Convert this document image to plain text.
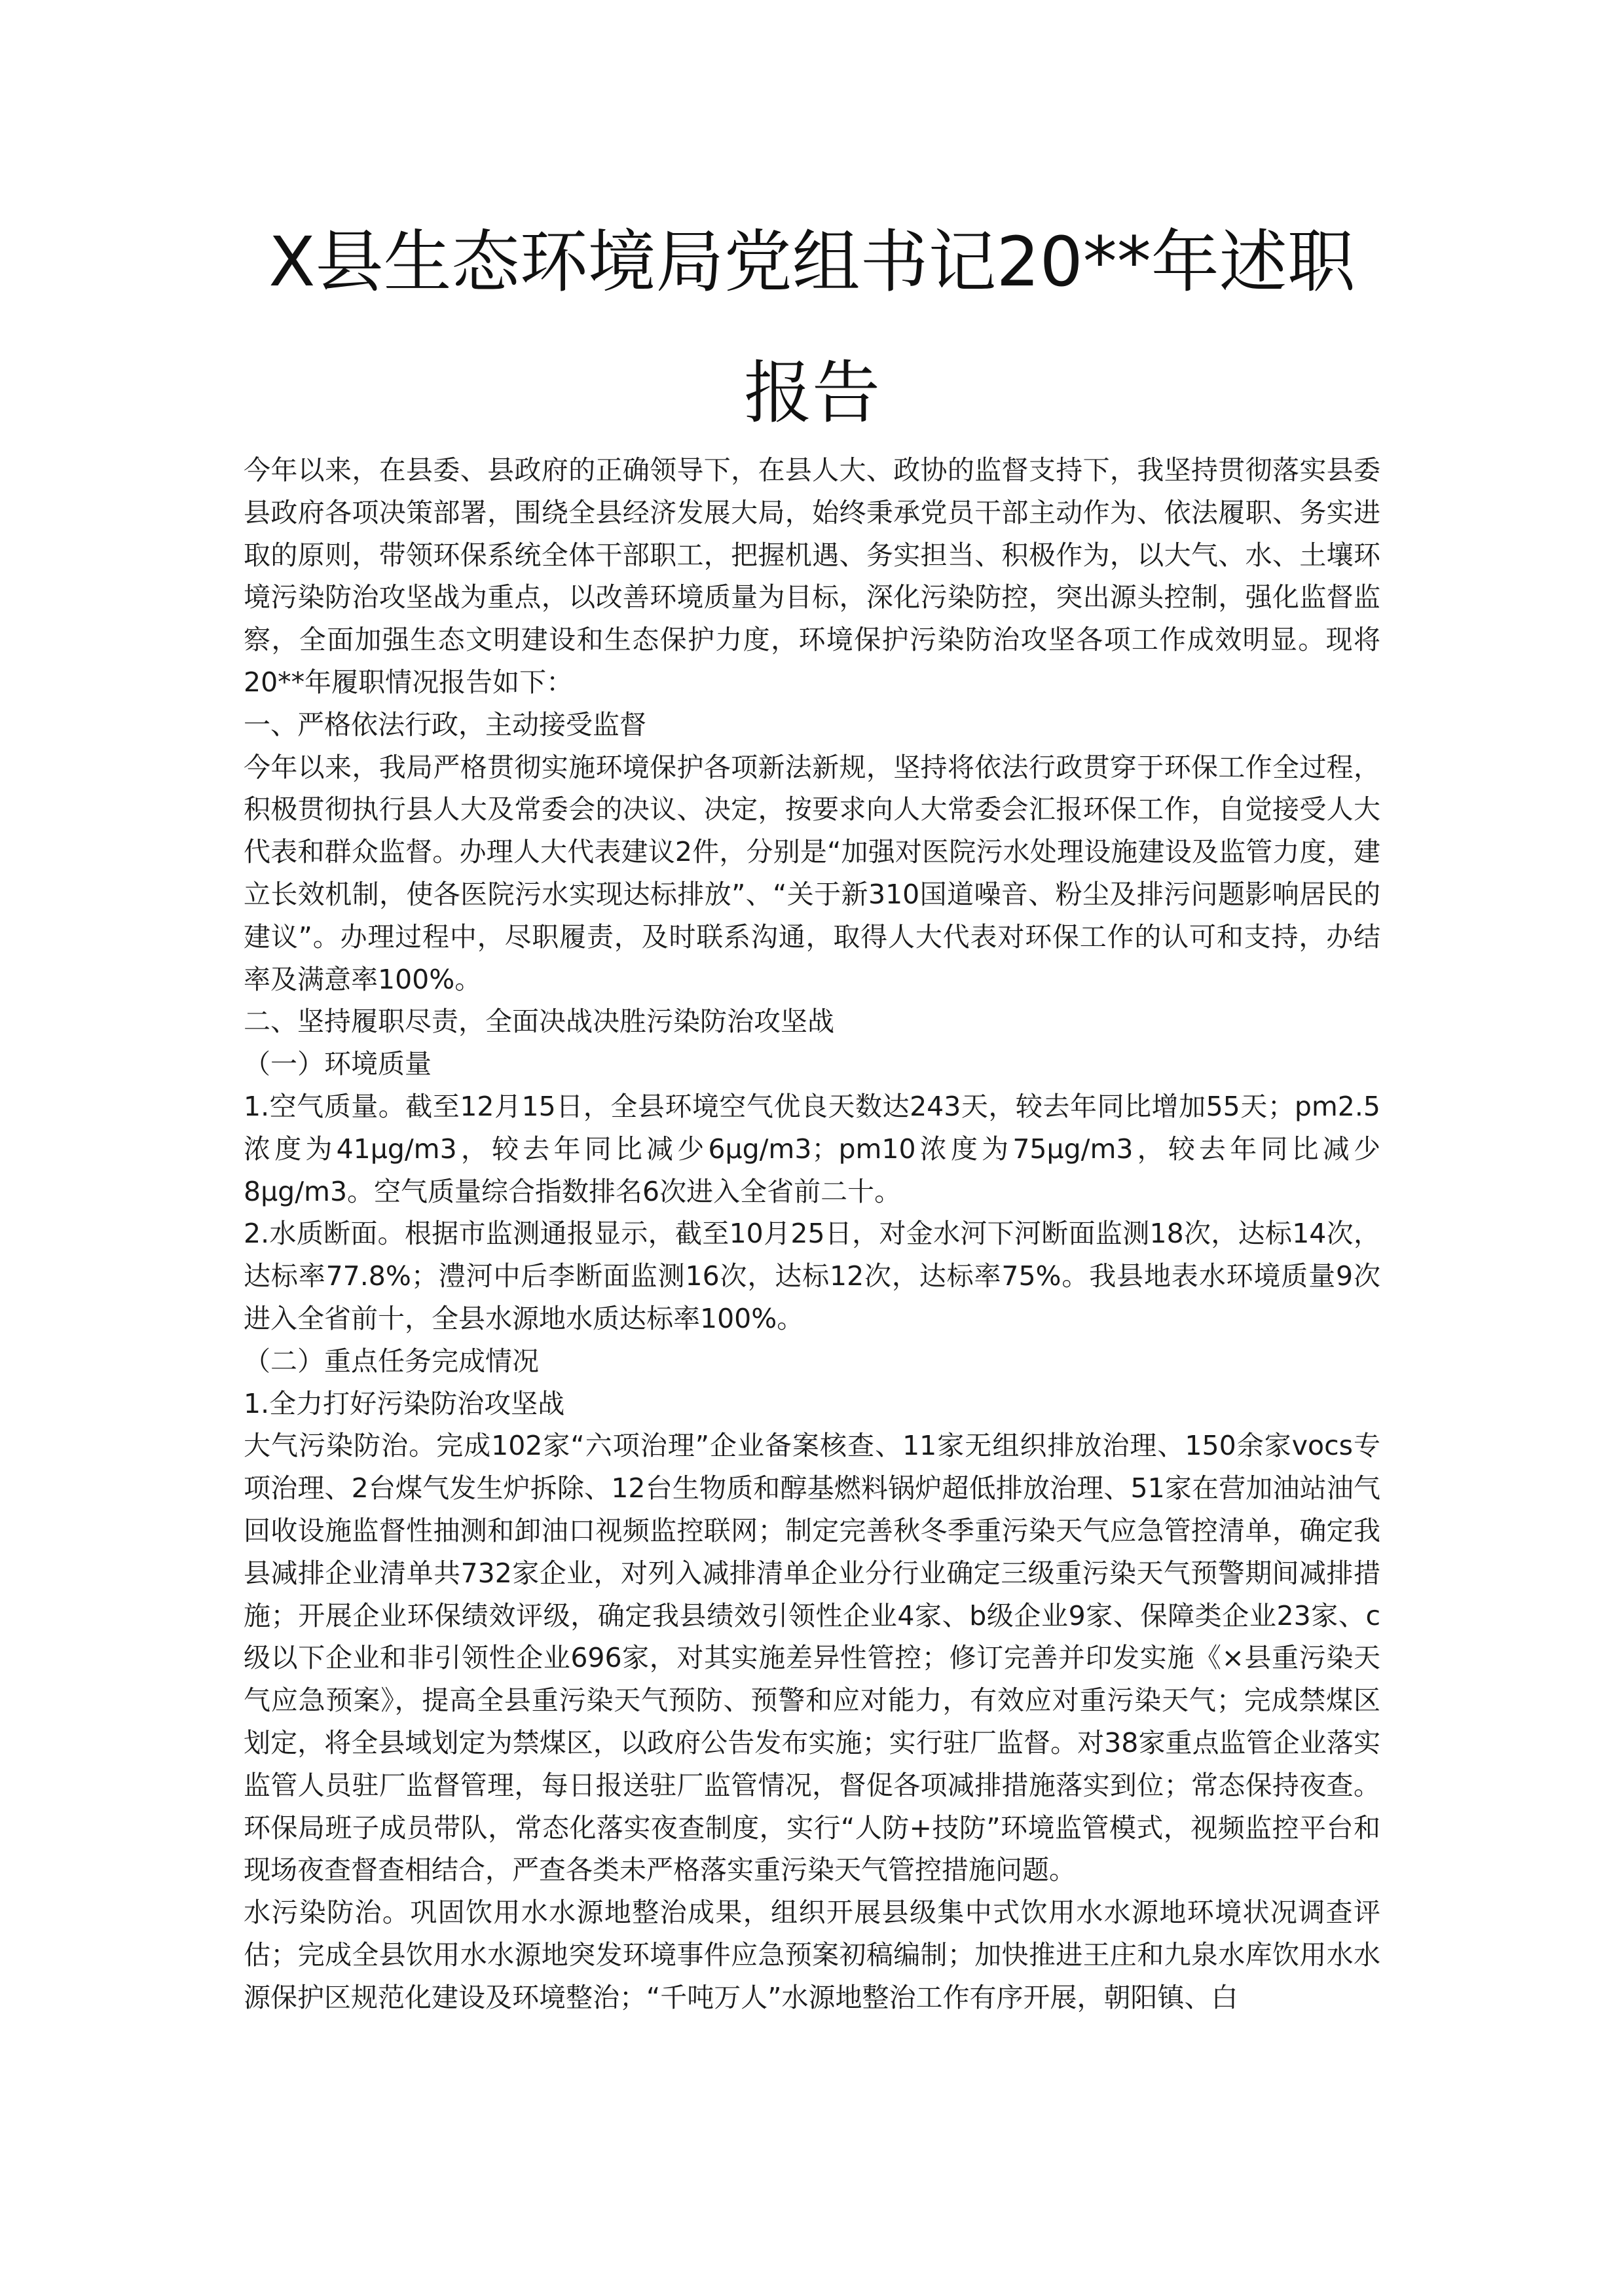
X县生态环境局党组书记20**年述职报告

今年以来，在县委、县政府的正确领导下，在县人大、政协的监督支持下，我坚持贯彻落实县委县政府各项决策部署，围绕全县经济发展大局，始终秉承党员干部主动作为、依法履职、务实进取的原则，带领环保系统全体干部职工，把握机遇、务实担当、积极作为，以大气、水、土壤环境污染防治攻坚战为重点，以改善环境质量为目标，深化污染防控，突出源头控制，强化监督监察，全面加强生态文明建设和生态保护力度，环境保护污染防治攻坚各项工作成效明显。现将20**年履职情况报告如下：

一、严格依法行政，主动接受监督

今年以来，我局严格贯彻实施环境保护各项新法新规，坚持将依法行政贯穿于环保工作全过程，积极贯彻执行县人大及常委会的决议、决定，按要求向人大常委会汇报环保工作，自觉接受人大代表和群众监督。办理人大代表建议2件，分别是“加强对医院污水处理设施建设及监管力度，建立长效机制，使各医院污水实现达标排放”、“关于新310国道噪音、粉尘及排污问题影响居民的建议”。办理过程中，尽职履责，及时联系沟通，取得人大代表对环保工作的认可和支持，办结率及满意率100%。

二、坚持履职尽责，全面决战决胜污染防治攻坚战

（一）环境质量

1.空气质量。截至12月15日，全县环境空气优良天数达243天，较去年同比增加55天；pm2.5浓度为41μg/m3，较去年同比减少6μg/m3；pm10浓度为75μg/m3，较去年同比减少8μg/m3。空气质量综合指数排名6次进入全省前二十。

2.水质断面。根据市监测通报显示，截至10月25日，对金水河下河断面监测18次，达标14次，达标率77.8%；澧河中后李断面监测16次，达标12次，达标率75%。我县地表水环境质量9次进入全省前十，全县水源地水质达标率100%。

（二）重点任务完成情况

1.全力打好污染防治攻坚战

大气污染防治。完成102家“六项治理”企业备案核查、11家无组织排放治理、150余家vocs专项治理、2台煤气发生炉拆除、12台生物质和醇基燃料锅炉超低排放治理、51家在营加油站油气回收设施监督性抽测和卸油口视频监控联网；制定完善秋冬季重污染天气应急管控清单，确定我县减排企业清单共732家企业，对列入减排清单企业分行业确定三级重污染天气预警期间减排措施；开展企业环保绩效评级，确定我县绩效引领性企业4家、b级企业9家、保障类企业23家、c级以下企业和非引领性企业696家，对其实施差异性管控；修订完善并印发实施《×县重污染天气应急预案》，提高全县重污染天气预防、预警和应对能力，有效应对重污染天气；完成禁煤区划定，将全县域划定为禁煤区，以政府公告发布实施；实行驻厂监督。对38家重点监管企业落实监管人员驻厂监督管理，每日报送驻厂监管情况，督促各项减排措施落实到位；常态保持夜查。环保局班子成员带队，常态化落实夜查制度，实行“人防+技防”环境监管模式，视频监控平台和现场夜查督查相结合，严查各类未严格落实重污染天气管控措施问题。

水污染防治。巩固饮用水水源地整治成果，组织开展县级集中式饮用水水源地环境状况调查评估；完成全县饮用水水源地突发环境事件应急预案初稿编制；加快推进王庄和九泉水库饮用水水源保护区规范化建设及环境整治；“千吨万人”水源地整治工作有序开展，朝阳镇、白
